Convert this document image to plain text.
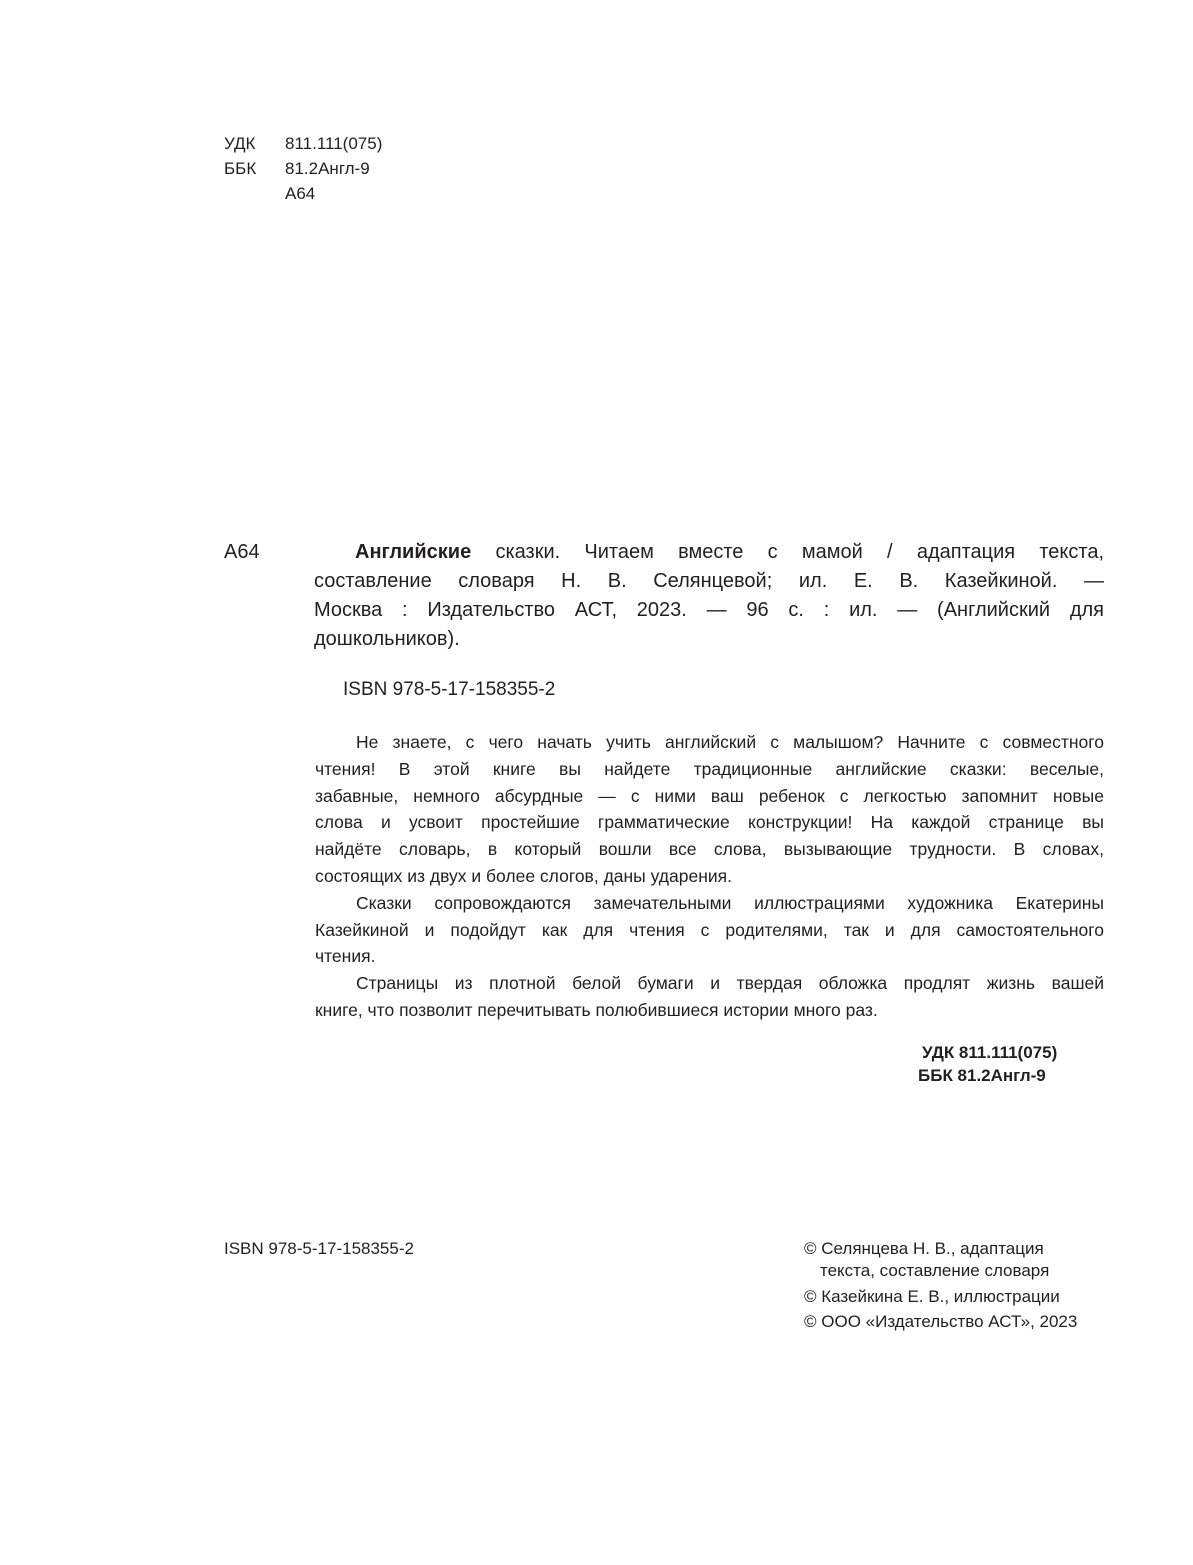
УДК 811.111(075)
ББК 81.2Англ-9
А64
А64	Английские сказки. Читаем вместе с мамой / адаптация текста,
составление словаря Н. В. Селянцевой; ил. Е. В. Казейкиной. —
Москва : Издательство АСТ, 2023. — 96 с. : ил. — (Английский для
дошкольников).
ISBN 978-5-17-158355-2
Не знаете, с чего начать учить английский с малышом? Начните с совместного
чтения! В этой книге вы найдете традиционные английские сказки: веселые,
забавные, немного абсурдные — с ними ваш ребенок с легкостью запомнит новые
слова и усвоит простейшие грамматические конструкции! На каждой странице вы
найдёте словарь, в который вошли все слова, вызывающие трудности. В словах,
состоящих из двух и более слогов, даны ударения.
Сказки сопровождаются замечательными иллюстрациями художника Екатерины
Казейкиной и подойдут как для чтения с родителями, так и для самостоятельного
чтения.
Страницы из плотной белой бумаги и твердая обложка продлят жизнь вашей
книге, что позволит перечитывать полюбившиеся истории много раз.
УДК 811.111(075)
ББК 81.2Англ-9
ISBN 978-5-17-158355-2	© Селянцева Н. В., адаптация
текста, составление словаря
© Казейкина Е. В., иллюстрации
© ООО «Издательство АСТ», 2023
